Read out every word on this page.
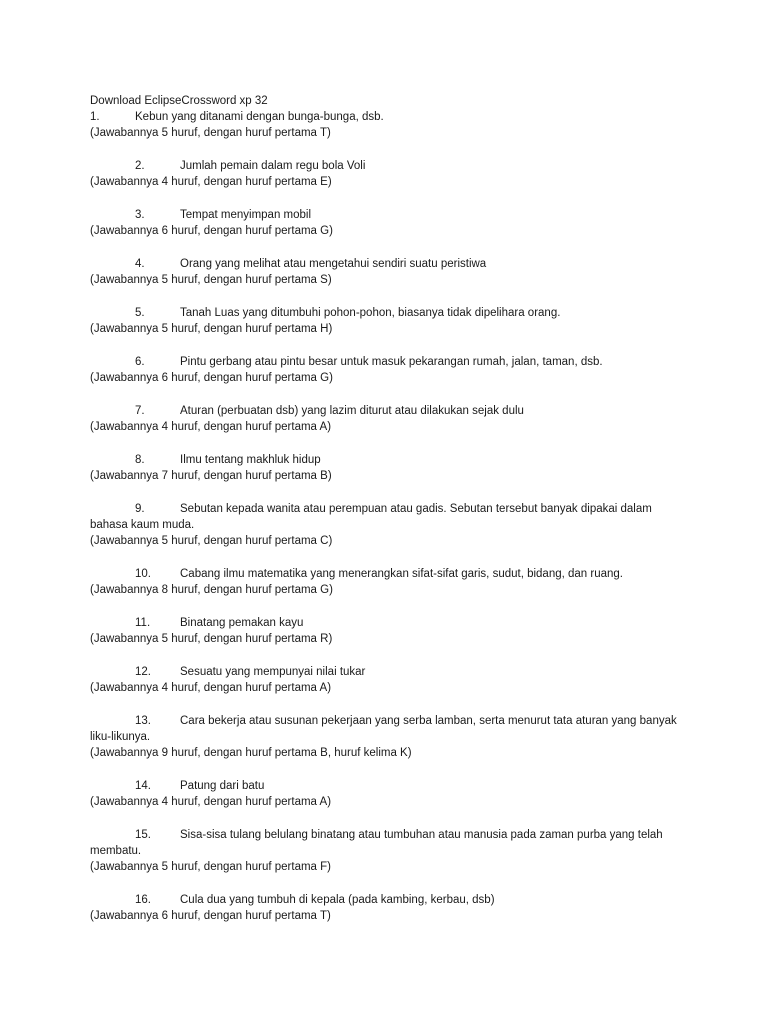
Download EclipseCrossword xp 32
1.	Kebun yang ditanami dengan bunga-bunga, dsb.
(Jawabannya 5 huruf, dengan huruf pertama T)
2.	Jumlah pemain dalam regu bola Voli
(Jawabannya 4 huruf, dengan huruf pertama E)
3.	Tempat menyimpan mobil
(Jawabannya 6 huruf, dengan huruf pertama G)
4.	Orang yang melihat atau mengetahui sendiri suatu peristiwa
(Jawabannya 5 huruf, dengan huruf pertama S)
5.	Tanah Luas yang ditumbuhi pohon-pohon, biasanya tidak dipelihara orang.
(Jawabannya 5 huruf, dengan huruf pertama H)
6.	Pintu gerbang atau pintu besar untuk masuk pekarangan rumah, jalan, taman, dsb.
(Jawabannya 6 huruf, dengan huruf pertama G)
7.	Aturan (perbuatan dsb) yang lazim diturut atau dilakukan sejak dulu
(Jawabannya 4 huruf, dengan huruf pertama A)
8.	Ilmu tentang makhluk hidup
(Jawabannya 7 huruf, dengan huruf pertama B)
9.	Sebutan kepada wanita atau perempuan atau gadis. Sebutan tersebut banyak dipakai dalam
bahasa kaum muda.
(Jawabannya 5 huruf, dengan huruf pertama C)
10.	Cabang ilmu matematika yang menerangkan sifat-sifat garis, sudut, bidang, dan ruang.
(Jawabannya 8 huruf, dengan huruf pertama G)
11.	Binatang pemakan kayu
(Jawabannya 5 huruf, dengan huruf pertama R)
12.	Sesuatu yang mempunyai nilai tukar
(Jawabannya 4 huruf, dengan huruf pertama A)
13.	Cara bekerja atau susunan pekerjaan yang serba lamban, serta menurut tata aturan yang banyak
liku-likunya.
(Jawabannya 9 huruf, dengan huruf pertama B, huruf kelima K)
14.	Patung dari batu
(Jawabannya 4 huruf, dengan huruf pertama A)
15.	Sisa-sisa tulang belulang binatang atau tumbuhan atau manusia pada zaman purba yang telah
membatu.
(Jawabannya 5 huruf, dengan huruf pertama F)
16.	Cula dua yang tumbuh di kepala (pada kambing, kerbau, dsb)
(Jawabannya 6 huruf, dengan huruf pertama T)
